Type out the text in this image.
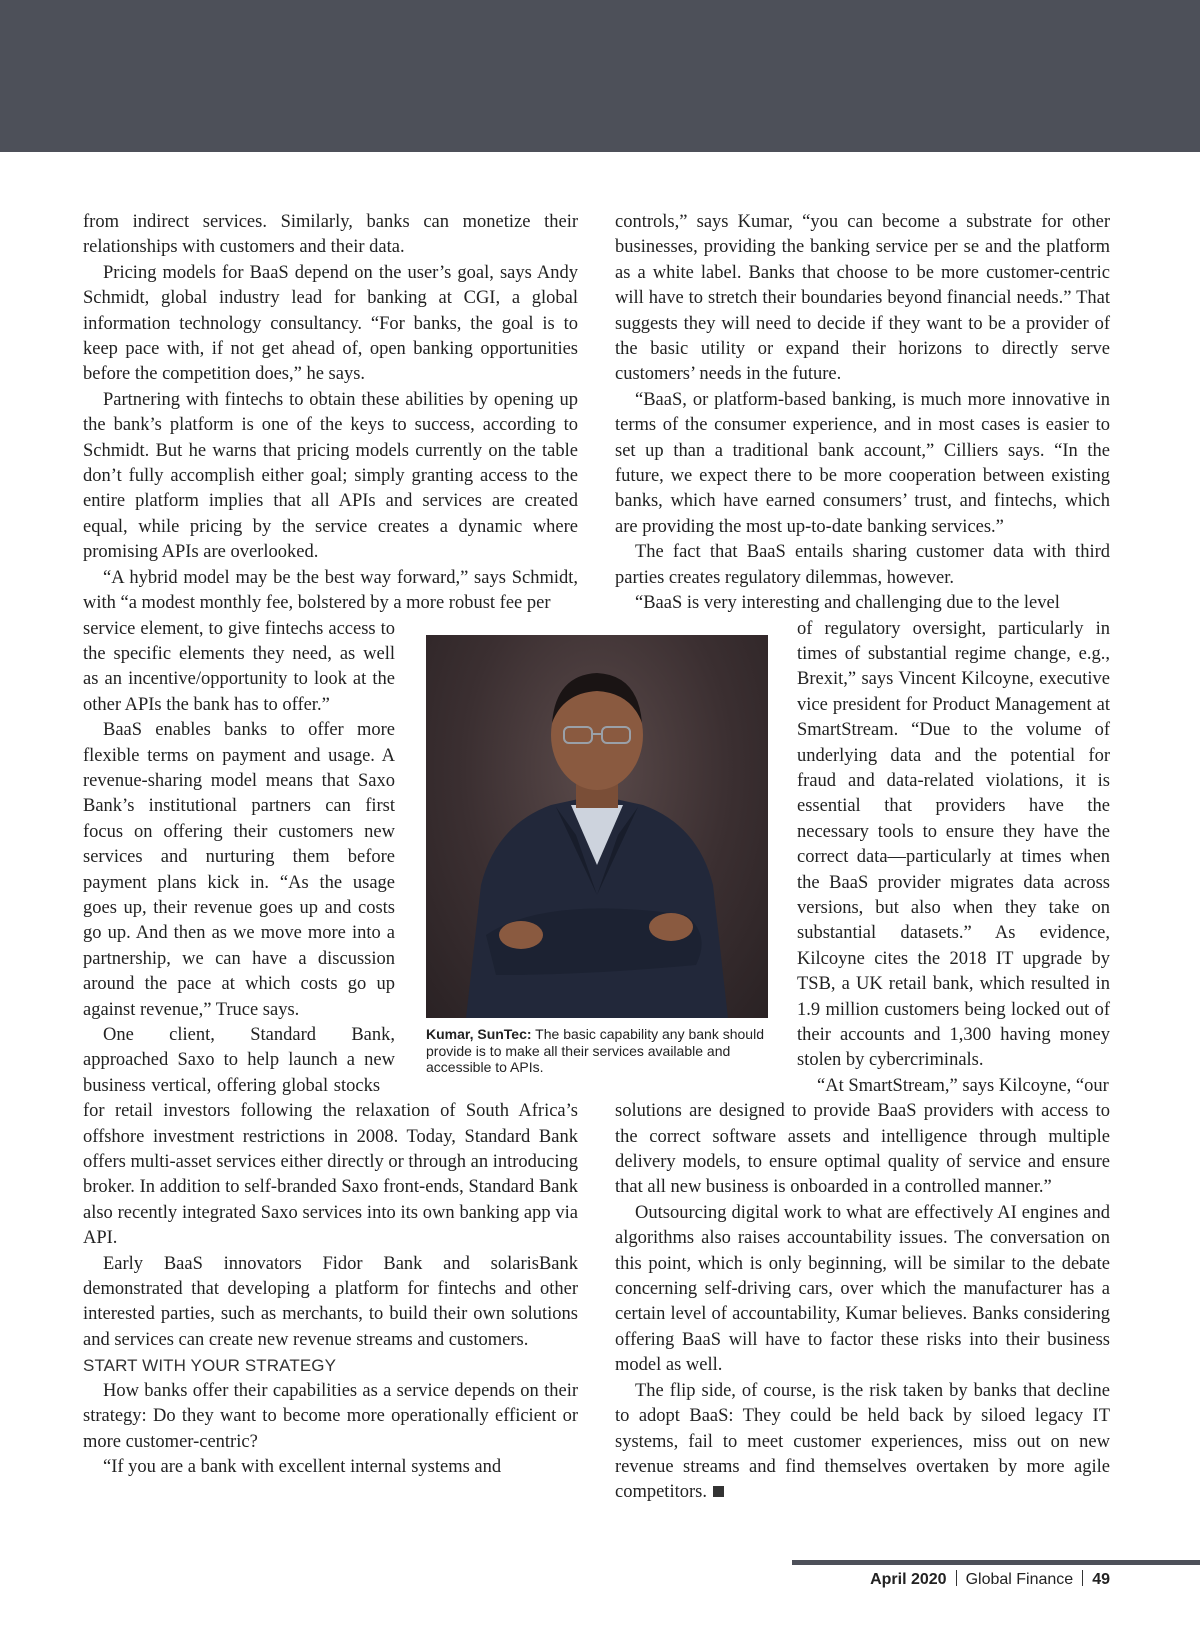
from indirect services. Similarly, banks can monetize their relationships with customers and their data.

Pricing models for BaaS depend on the user’s goal, says Andy Schmidt, global industry lead for banking at CGI, a global information technology consultancy. “For banks, the goal is to keep pace with, if not get ahead of, open banking opportunities before the competition does,” he says.

Partnering with fintechs to obtain these abilities by opening up the bank’s platform is one of the keys to success, according to Schmidt. But he warns that pricing models currently on the table don’t fully accomplish either goal; simply granting access to the entire platform implies that all APIs and services are created equal, while pricing by the service creates a dynamic where promising APIs are overlooked.

“A hybrid model may be the best way forward,” says Schmidt, with “a modest monthly fee, bolstered by a more robust fee per

service element, to give fintechs access to the specific elements they need, as well as an incentive/opportunity to look at the other APIs the bank has to offer.”

BaaS enables banks to offer more flexible terms on payment and usage. A revenue-sharing model means that Saxo Bank’s institutional partners can first focus on offering their customers new services and nurturing them before payment plans kick in. “As the usage goes up, their revenue goes up and costs go up. And then as we move more into a partnership, we can have a discussion around the pace at which costs go up against revenue,” Truce says.

One client, Standard Bank, approached Saxo to help launch a new business vertical, offering global stocks

for retail investors following the relaxation of South Africa’s offshore investment restrictions in 2008. Today, Standard Bank offers multi-asset services either directly or through an introducing broker. In addition to self-branded Saxo front-ends, Standard Bank also recently integrated Saxo services into its own banking app via API.

Early BaaS innovators Fidor Bank and solarisBank demonstrated that developing a platform for fintechs and other interested parties, such as merchants, to build their own solutions and services can create new revenue streams and customers.

START WITH YOUR STRATEGY

How banks offer their capabilities as a service depends on their strategy: Do they want to become more operationally efficient or more customer-centric?

“If you are a bank with excellent internal systems and

controls,” says Kumar, “you can become a substrate for other businesses, providing the banking service per se and the platform as a white label. Banks that choose to be more customer-centric will have to stretch their boundaries beyond financial needs.” That suggests they will need to decide if they want to be a provider of the basic utility or expand their horizons to directly serve customers’ needs in the future.

“BaaS, or platform-based banking, is much more innovative in terms of the consumer experience, and in most cases is easier to set up than a traditional bank account,” Cilliers says. “In the future, we expect there to be more cooperation between existing banks, which have earned consumers’ trust, and fintechs, which are providing the most up-to-date banking services.”

The fact that BaaS entails sharing customer data with third parties creates regulatory dilemmas, however.

“BaaS is very interesting and challenging due to the level

of regulatory oversight, particularly in times of substantial regime change, e.g., Brexit,” says Vincent Kilcoyne, executive vice president for Product Management at SmartStream. “Due to the volume of underlying data and the potential for fraud and data-related violations, it is essential that providers have the necessary tools to ensure they have the correct data—particularly at times when the BaaS provider migrates data across versions, but also when they take on substantial datasets.” As evidence, Kilcoyne cites the 2018 IT upgrade by TSB, a UK retail bank, which resulted in 1.9 million customers being locked out of their accounts and 1,300 having money stolen by cybercriminals.

“At SmartStream,” says Kilcoyne, “our

solutions are designed to provide BaaS providers with access to the correct software assets and intelligence through multiple delivery models, to ensure optimal quality of service and ensure that all new business is onboarded in a controlled manner.”

Outsourcing digital work to what are effectively AI engines and algorithms also raises accountability issues. The conversation on this point, which is only beginning, will be similar to the debate concerning self-driving cars, over which the manufacturer has a certain level of accountability, Kumar believes. Banks considering offering BaaS will have to factor these risks into their business model as well.

The flip side, of course, is the risk taken by banks that decline to adopt BaaS: They could be held back by siloed legacy IT systems, fail to meet customer experiences, miss out on new revenue streams and find themselves overtaken by more agile competitors.

Kumar, SunTec: The basic capability any bank should provide is to make all their services available and accessible to APIs.
April 2020 Global Finance 49
